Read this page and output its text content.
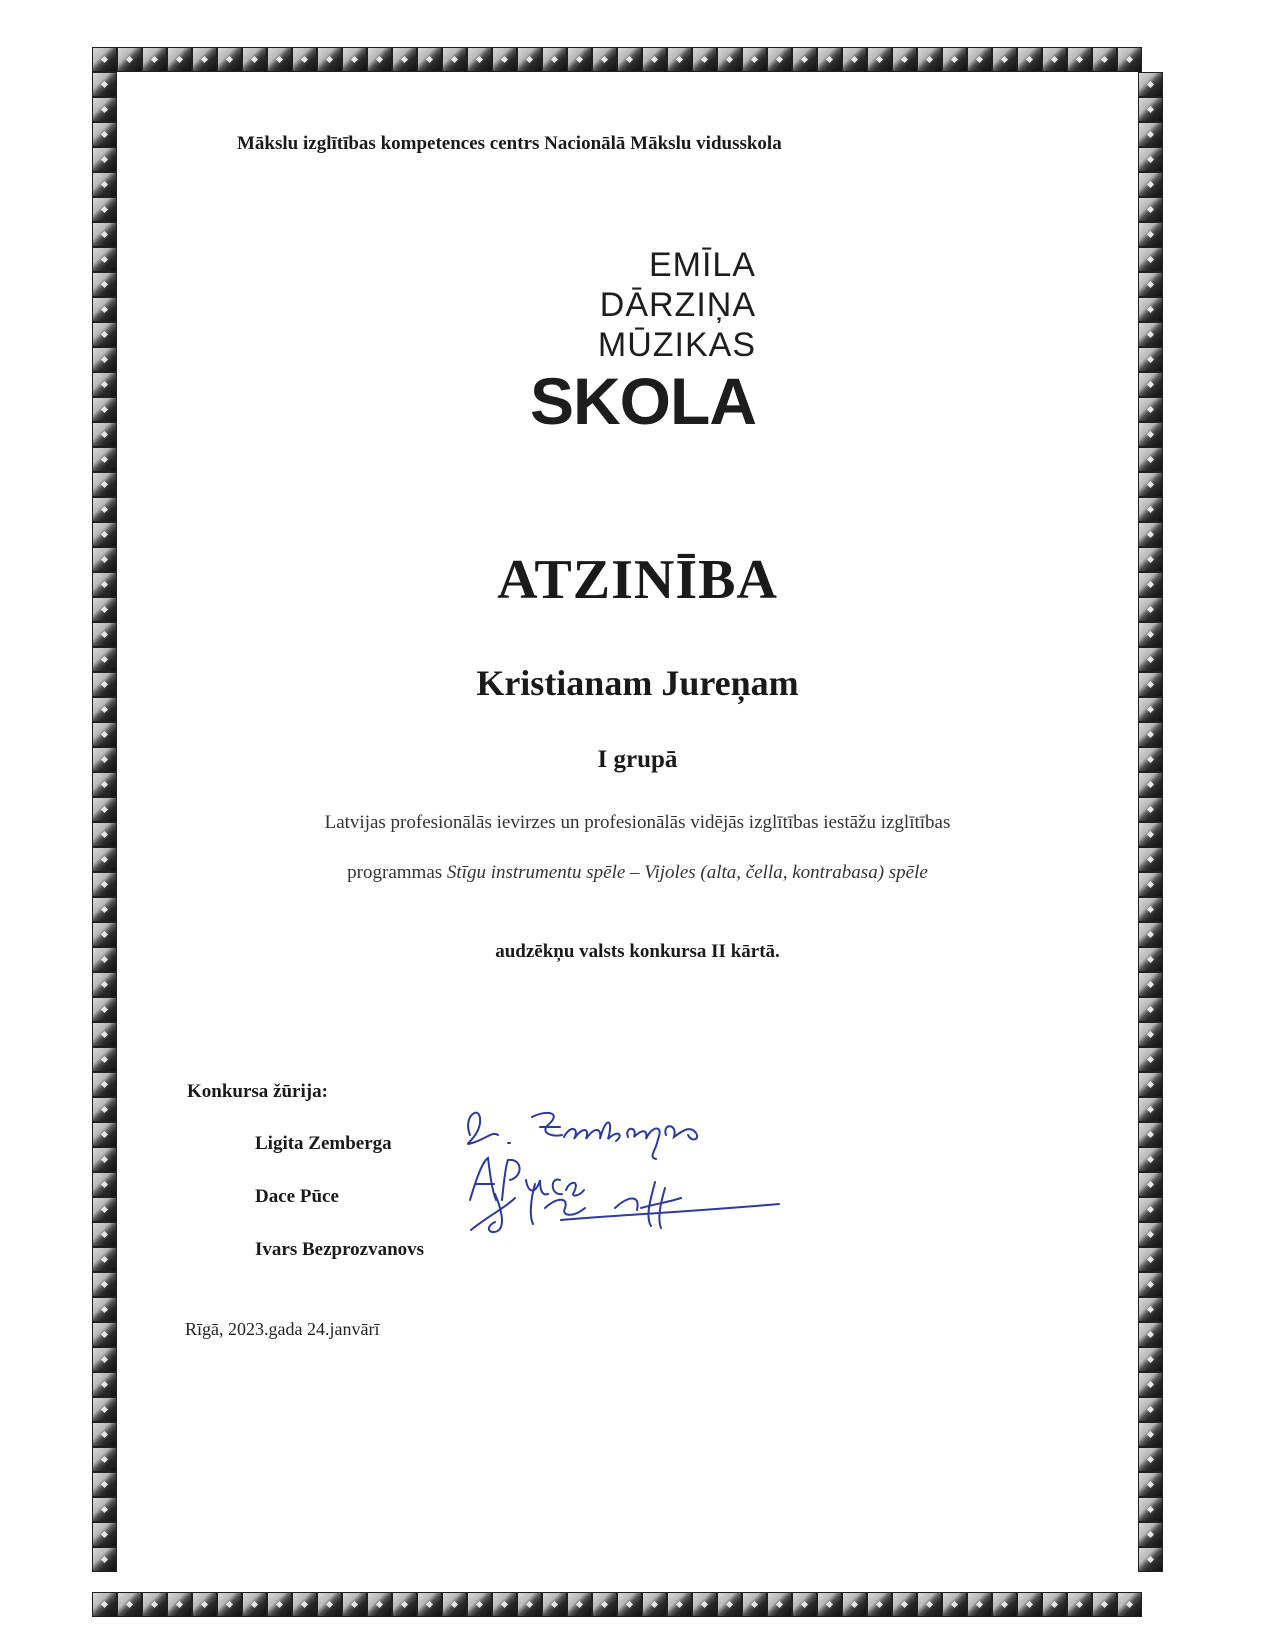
Mākslu izglītības kompetences centrs Nacionālā Mākslu vidusskola
EMĪLA
DĀRZIŅA
MŪZIKAS
SKOLA
ATZINĪBA
Kristianam Jureņam
I grupā
Latvijas profesionālās ievirzes un profesionālās vidējās izglītības iestāžu izglītības
programmas Stīgu instrumentu spēle – Vijoles (alta, čella, kontrabasa) spēle
audzēkņu valsts konkursa II kārtā.
Konkursa žūrija:
Ligita Zemberga
Dace Pūce
Ivars Bezprozvanovs
Rīgā, 2023.gada 24.janvārī
